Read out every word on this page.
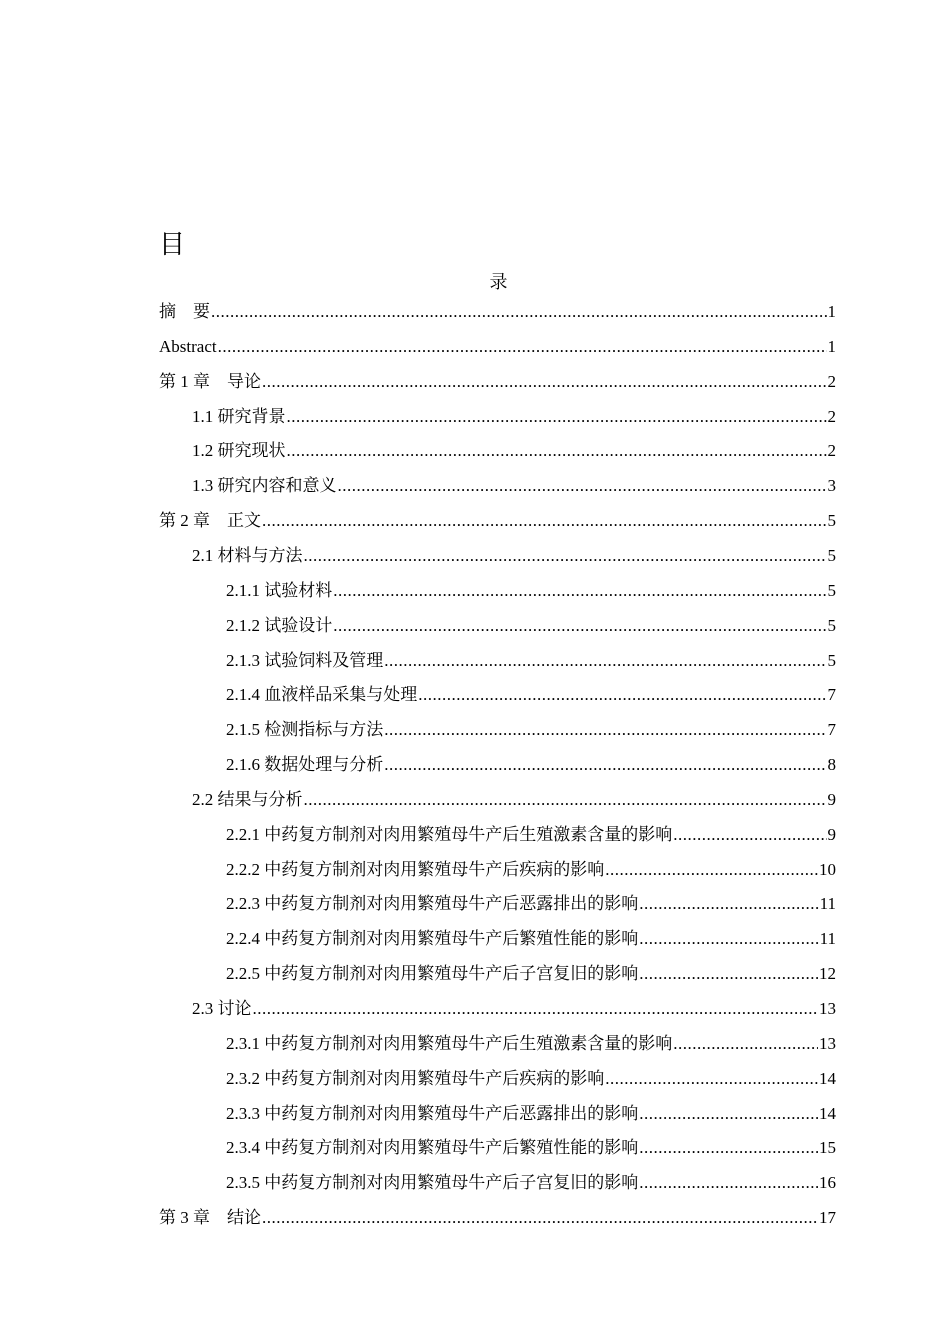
目
录
摘　要 .....	1
Abstract .....	1
第 1 章　导论 .....	2
1.1 研究背景 .....	2
1.2 研究现状 .....	2
1.3 研究内容和意义 .....	3
第 2 章　正文 .....	5
2.1 材料与方法 .....	5
2.1.1 试验材料 .....	5
2.1.2 试验设计 .....	5
2.1.3 试验饲料及管理 .....	5
2.1.4 血液样品采集与处理 .....	7
2.1.5 检测指标与方法 .....	7
2.1.6 数据处理与分析 .....	8
2.2 结果与分析 .....	9
2.2.1 中药复方制剂对肉用繁殖母牛产后生殖激素含量的影响 .....	9
2.2.2 中药复方制剂对肉用繁殖母牛产后疾病的影响 .....	10
2.2.3 中药复方制剂对肉用繁殖母牛产后恶露排出的影响 .....	11
2.2.4 中药复方制剂对肉用繁殖母牛产后繁殖性能的影响 .....	11
2.2.5 中药复方制剂对肉用繁殖母牛产后子宫复旧的影响 .....	12
2.3 讨论 .....	13
2.3.1 中药复方制剂对肉用繁殖母牛产后生殖激素含量的影响 .....	13
2.3.2 中药复方制剂对肉用繁殖母牛产后疾病的影响 .....	14
2.3.3 中药复方制剂对肉用繁殖母牛产后恶露排出的影响 .....	14
2.3.4 中药复方制剂对肉用繁殖母牛产后繁殖性能的影响 .....	15
2.3.5 中药复方制剂对肉用繁殖母牛产后子宫复旧的影响 .....	16
第 3 章　结论 .....	17
